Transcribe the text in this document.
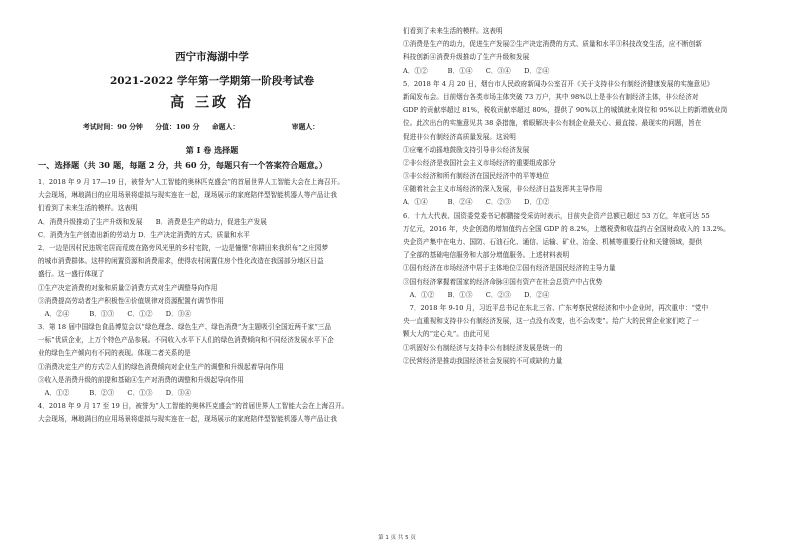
西宁市海湖中学
2021-2022 学年第一学期第一阶段考试卷
高 三政 治
考试时间：90 分钟 分值：100 分 命题人：	审题人：
第 I 卷 选择题
一、选择题（共 30 题，每题 2 分，共 60 分，每题只有一个答案符合题意。）
1．2018 年 9 月 17—19 日，被誉为“人工智能的奥林匹克盛会”的首届世界人工智能大会在上海召开。
大会现场，琳琅满目的应用场景将虚拟与现实连在一起，现场展示的家庭陪伴型智能机器人等产品让我
们看到了未来生活的模样。这表明
A．消费升级推动了生产升级和发展　　B．消费是生产的动力，促进生产发展
C．消费为生产创造出新的劳动力 D．生产决定消费的方式、质量和水平
2．一边是因村民违规宅居而荒废在路旁风光里的乡村宅院，一边是憧憬“你耕田来我织布”之庄园梦
的城市消费群体。这样的闲置资源和消费需求，使得农村闲置住房个性化改造在我国部分地区日益
盛行。这一盛行体现了
①生产决定消费的对象和质量②消费方式对生产调整导向作用
③消费提高劳动者生产积极性④价值规律对资源配置有调节作用
　A．②④　　　B．①③　　C．①②　　D．③④
3．第 18 届中国绿色食品博览会以“绿色理念、绿色生产、绿色消费”为主题吸引全国近两千家“三品
一标”优质企业，上万个特色产品参展。不同收入水平下人们的绿色消费倾向和不同经济发展水平下企
业的绿色生产倾向有不同的表现。体现二者关系的是
①消费决定生产的方式②人们的绿色消费倾向对企业生产的调整和升级起着导向作用
③收入是消费升级的前提和基础④生产对消费的调整和升级起导向作用
　A．①②　　　B．②③　　C．①③　　D．③④
4．2018 年 9 月 17 至 19 日，被誉为“人工智能的奥林匹克盛会”的首届世界人工智能大会在上海召开。
大会现场，琳琅满目的应用场景将虚拟与现实连在一起，现场展示的家庭陪伴型智能机器人等产品让我
们看到了未来生活的模样。这表明
①消费是生产的动力，促进生产发展②生产决定消费的方式、质量和水平③科技改变生活，应不断创新
科技创新④消费升级推动了生产升级和发展
A．①②　　　B．①④　　C．③④　　D．②④
5．2018 年 4 月 20 日，烟台市人民政府新闻办公室召开《关于支持非公有制经济健康发展的实施意见》
新闻发布会。目前烟台各类市场主体突破 73 万户，其中 98%以上是非公有制经济主体，非公经济对
GDP 的贡献率超过 81%，税收贡献率超过 80%，提供了 90%以上的城镇就业岗位和 95%以上的新增就业岗
位。此次出台的实施意见共 38 条措施，着眼解决非公有制企业最关心、最直接、最现实的问题，旨在
促进非公有制经济高质量发展。这说明
①应毫不动摇地鼓励支持引导非公经济发展
②非公经济是我国社会主义市场经济的重要组成部分
③非公经济和所有制经济在国民经济中的平等地位
④随着社会主义市场经济的深入发展，非公经济日益发挥其主导作用
A．①④　　　B．②④　　C．②③　　D．①②
6．十九大代表、国资委党委书记郝鹏接受采访时表示，目前央企资产总额已超过 53 万亿，年底可达 55
万亿元，2016 年，央企创造的增加值约占全国 GDP 的 8.2%，上缴税费和收益约占全国财政收入的 13.2%。
央企资产集中在电力、国防、石油石化、通信、运输、矿业、冶金、机械等重要行业和关键领域，提供
了全部的基础电信服务和大部分增值服务。上述材料表明
①国有经济在市场经济中居于主体地位②国有经济是国民经济的主导力量
③国有经济掌握着国家的经济命脉④国有资产在社会总资产中占优势
　A．①②　　B．①③　　C．②③　　D．②④
　7．2018 年 9-10 月，习近平总书记在东北三省、广东考察民营经济和中小企业时，再次重申：“党中
央一直重视和支持非公有制经济发展，这一点没有改变，也不会改变”。给广大的民营企业家们吃了一
颗大大的“定心丸”。由此可见
①巩固好公有制经济与支持非公有制经济发展是统一的
②民营经济是推动我国经济社会发展的不可或缺的力量
第 1 页 共 5 页
